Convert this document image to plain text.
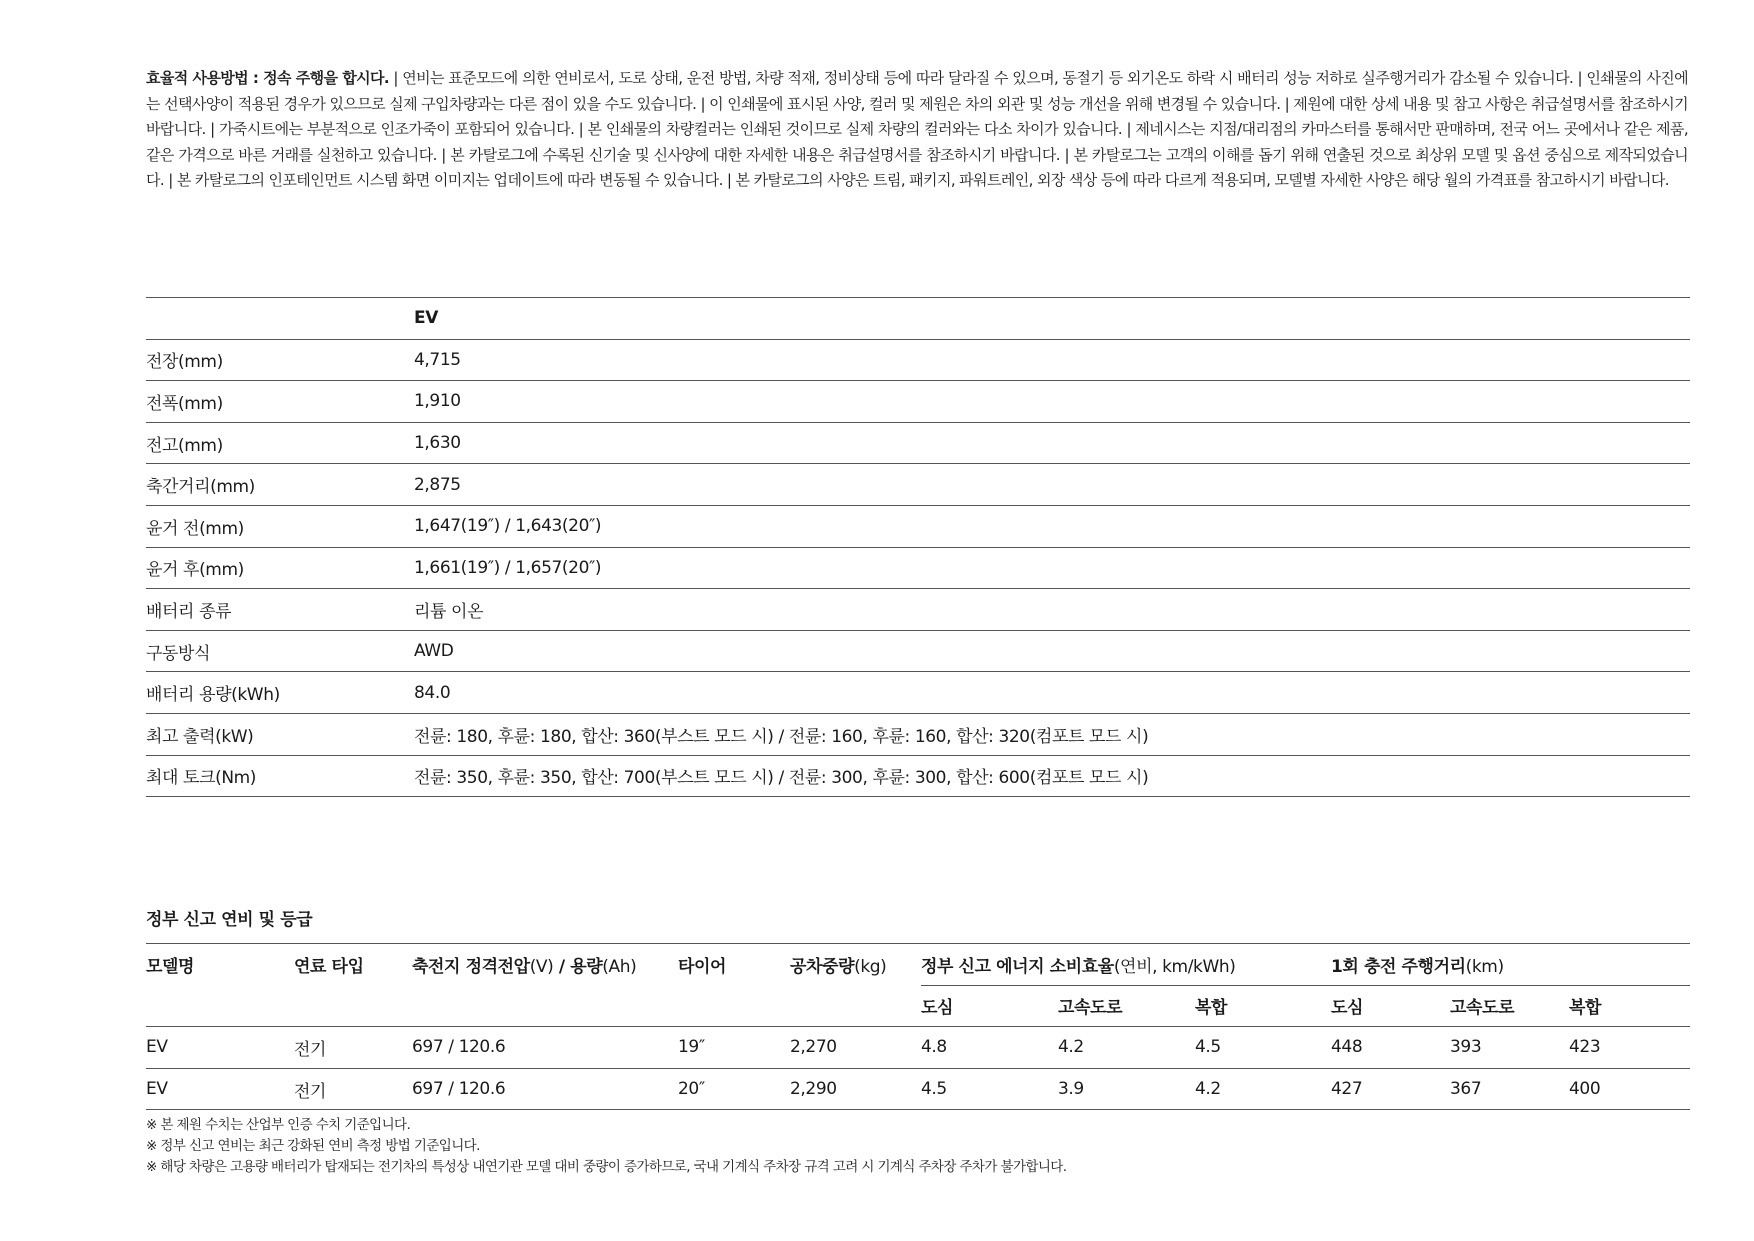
효율적 사용방법 : 정속 주행을 합시다. | 연비는 표준모드에 의한 연비로서, 도로 상태, 운전 방법, 차량 적재, 정비상태 등에 따라 달라질 수 있으며, 동절기 등 외기온도 하락 시 배터리 성능 저하로 실주행거리가 감소될 수 있습니다. | 인쇄물의 사진에는 선택사양이 적용된 경우가 있으므로 실제 구입차량과는 다른 점이 있을 수도 있습니다. | 이 인쇄물에 표시된 사양, 컬러 및 제원은 차의 외관 및 성능 개선을 위해 변경될 수 있습니다. | 제원에 대한 상세 내용 및 참고 사항은 취급설명서를 참조하시기 바랍니다. | 가죽시트에는 부분적으로 인조가죽이 포함되어 있습니다. | 본 인쇄물의 차량컬러는 인쇄된 것이므로 실제 차량의 컬러와는 다소 차이가 있습니다. | 제네시스는 지점/대리점의 카마스터를 통해서만 판매하며, 전국 어느 곳에서나 같은 제품, 같은 가격으로 바른 거래를 실천하고 있습니다. | 본 카탈로그에 수록된 신기술 및 신사양에 대한 자세한 내용은 취급설명서를 참조하시기 바랍니다. | 본 카탈로그는 고객의 이해를 돕기 위해 연출된 것으로 최상위 모델 및 옵션 중심으로 제작되었습니다. | 본 카탈로그의 인포테인먼트 시스템 화면 이미지는 업데이트에 따라 변동될 수 있습니다. | 본 카탈로그의 사양은 트림, 패키지, 파워트레인, 외장 색상 등에 따라 다르게 적용되며, 모델별 자세한 사양은 해당 월의 가격표를 참고하시기 바랍니다.

	EV
전장(mm)	4,715
전폭(mm)	1,910
전고(mm)	1,630
축간거리(mm)	2,875
윤거 전(mm)	1,647(19″) / 1,643(20″)
윤거 후(mm)	1,661(19″) / 1,657(20″)
배터리 종류	리튬 이온
구동방식	AWD
배터리 용량(kWh)	84.0
최고 출력(kW)	전륜: 180, 후륜: 180, 합산: 360(부스트 모드 시) / 전륜: 160, 후륜: 160, 합산: 320(컴포트 모드 시)
최대 토크(Nm)	전륜: 350, 후륜: 350, 합산: 700(부스트 모드 시) / 전륜: 300, 후륜: 300, 합산: 600(컴포트 모드 시)
정부 신고 연비 및 등급
모델명	연료 타입	축전지 정격전압(V) / 용량(Ah)	타이어	공차중량(kg)	정부 신고 에너지 소비효율(연비, km/kWh)			1회 충전 주행거리(km)		
					도심	고속도로	복합	도심	고속도로	복합
EV	전기	697 / 120.6	19″	2,270	4.8	4.2	4.5	448	393	423
EV	전기	697 / 120.6	20″	2,290	4.5	3.9	4.2	427	367	400
※ 본 제원 수치는 산업부 인증 수치 기준입니다.
※ 정부 신고 연비는 최근 강화된 연비 측정 방법 기준입니다.
※ 해당 차량은 고용량 배터리가 탑재되는 전기차의 특성상 내연기관 모델 대비 중량이 증가하므로, 국내 기계식 주차장 규격 고려 시 기계식 주차장 주차가 불가합니다.
